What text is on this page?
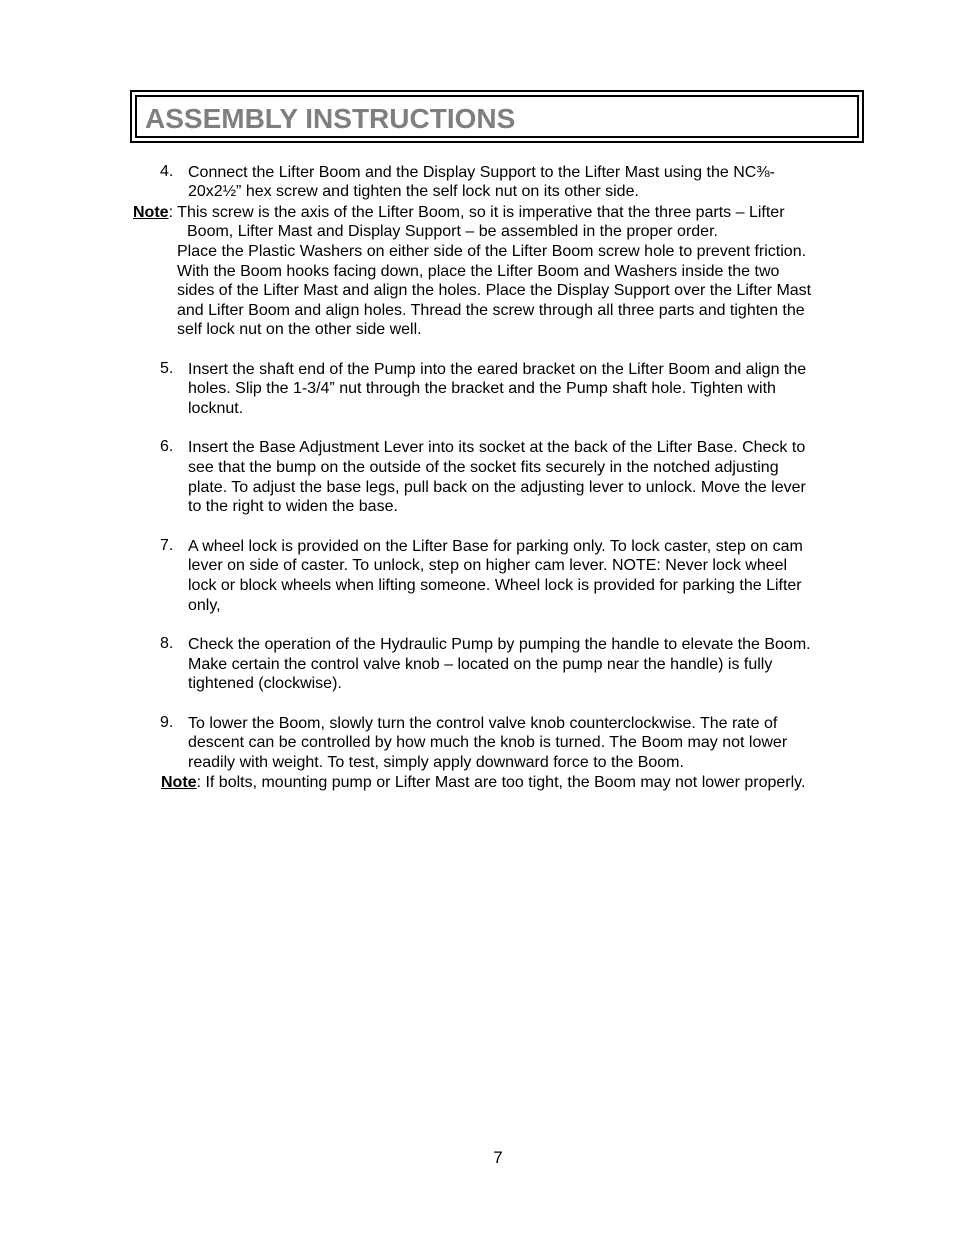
ASSEMBLY INSTRUCTIONS
4. Connect the Lifter Boom and the Display Support to the Lifter Mast using the NC⅜-
20x2½” hex screw and tighten the self lock nut on its other side.
Note: This screw is the axis of the Lifter Boom, so it is imperative that the three parts – Lifter
Boom, Lifter Mast and Display Support – be assembled in the proper order.
Place the Plastic Washers on either side of the Lifter Boom screw hole to prevent friction.
With the Boom hooks facing down, place the Lifter Boom and Washers inside the two
sides of the Lifter Mast and align the holes. Place the Display Support over the Lifter Mast
and Lifter Boom and align holes. Thread the screw through all three parts and tighten the
self lock nut on the other side well.
5. Insert the shaft end of the Pump into the eared bracket on the Lifter Boom and align the
holes. Slip the 1-3/4” nut through the bracket and the Pump shaft hole. Tighten with
locknut.
6. Insert the Base Adjustment Lever into its socket at the back of the Lifter Base. Check to
see that the bump on the outside of the socket fits securely in the notched adjusting
plate. To adjust the base legs, pull back on the adjusting lever to unlock. Move the lever
to the right to widen the base.
7. A wheel lock is provided on the Lifter Base for parking only. To lock caster, step on cam
lever on side of caster. To unlock, step on higher cam lever. NOTE: Never lock wheel
lock or block wheels when lifting someone. Wheel lock is provided for parking the Lifter
only,
8. Check the operation of the Hydraulic Pump by pumping the handle to elevate the Boom.
Make certain the control valve knob – located on the pump near the handle) is fully
tightened (clockwise).
9. To lower the Boom, slowly turn the control valve knob counterclockwise. The rate of
descent can be controlled by how much the knob is turned. The Boom may not lower
readily with weight. To test, simply apply downward force to the Boom.
Note: If bolts, mounting pump or Lifter Mast are too tight, the Boom may not lower properly.
7
